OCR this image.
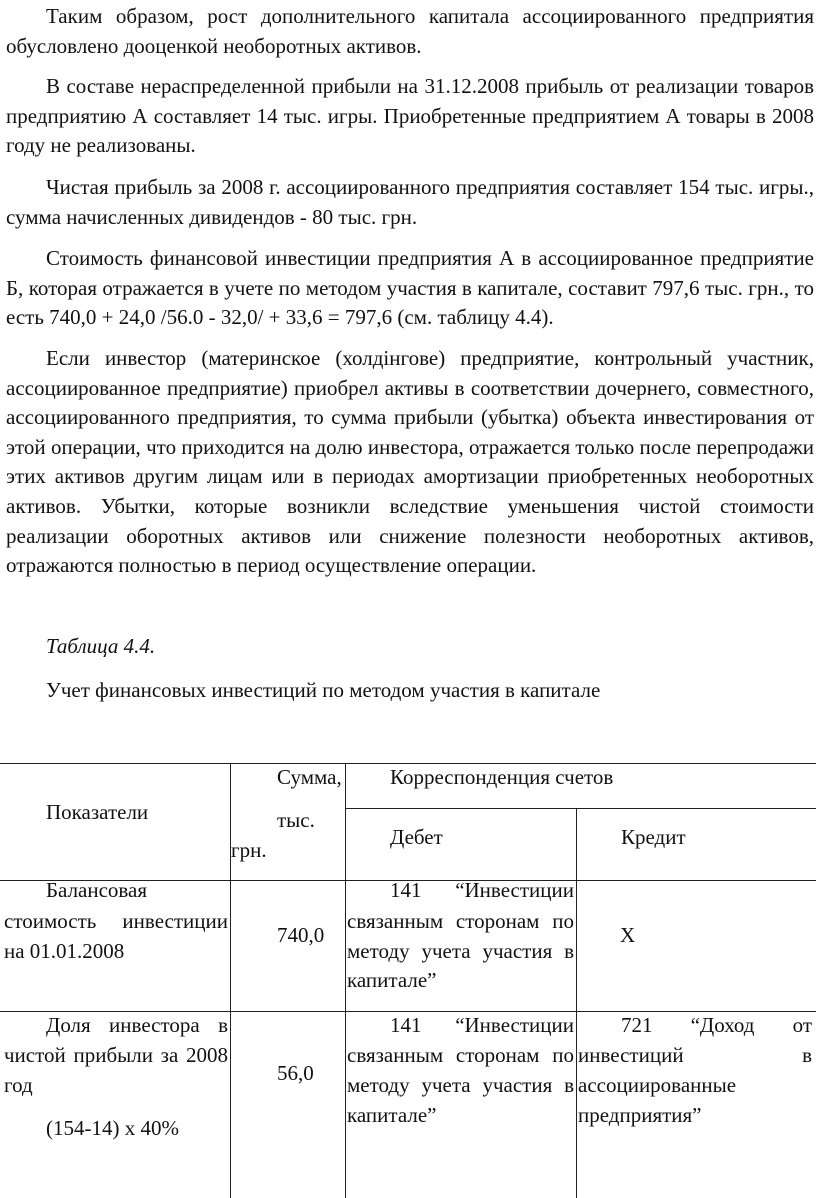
Таким образом, рост дополнительного капитала ассоциированного предприятия обусловлено дооценкой необоротных активов.

В составе нераспределенной прибыли на 31.12.2008 прибыль от реализации товаров предприятию А составляет 14 тыс. игры. Приобретенные предприятием А товары в 2008 году не реализованы.

Чистая прибыль за 2008 г. ассоциированного предприятия составляет 154 тыс. игры., сумма начисленных дивидендов - 80 тыс. грн.

Стоимость финансовой инвестиции предприятия А в ассоциированное предприятие Б, которая отражается в учете по методом участия в капитале, составит 797,6 тыс. грн., то есть 740,0 + 24,0 /56.0 - 32,0/ + 33,6 = 797,6 (см. таблицу 4.4).

Если инвестор (материнское (холдінгове) предприятие, контрольный участник, ассоциированное предприятие) приобрел активы в соответствии дочернего, совместного, ассоциированного предприятия, то сумма прибыли (убытка) объекта инвестирования от этой операции, что приходится на долю инвестора, отражается только после перепродажи этих активов другим лицам или в периодах амортизации приобретенных необоротных активов. Убытки, которые возникли вследствие уменьшения чистой стоимости реализации оборотных активов или снижение полезности необоротных активов, отражаются полностью в период осуществление операции.

Таблица 4.4.
Учет финансовых инвестиций по методом участия в капитале
Показатели
Сумма,
тыс.
грн.
Корреспонденция счетов
Дебет	Кредит
Балансовая
стоимость инвестиции
на 01.01.2008
740,0
141 “Инвестиции
связанным сторонам по
методу учета участия в
капитале”
Х
Доля инвестора в
чистой прибыли за 2008
год
(154-14) х 40%
56,0
141 “Инвестиции
связанным сторонам по
методу учета участия в
капитале”
721 “Доход от
инвестиций в
ассоциированные
предприятия”
